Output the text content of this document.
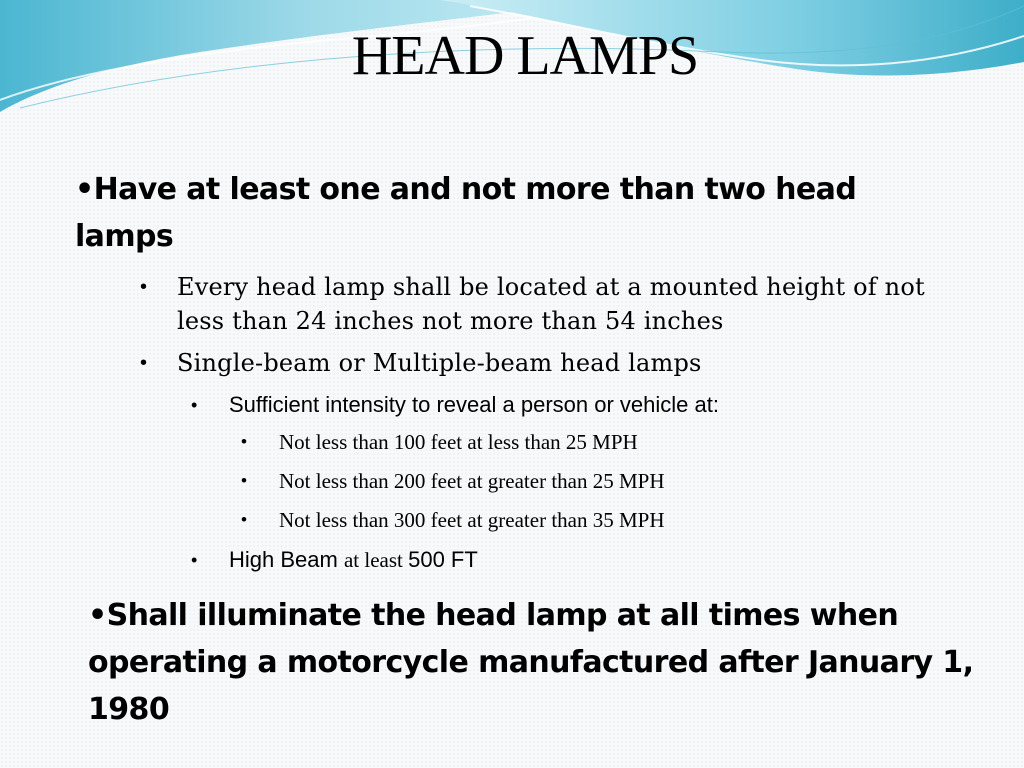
HEAD LAMPS
•Have at least one and not more than two head lamps
• Every head lamp shall be located at a mounted height of not less than 24 inches not more than 54 inches
• Single-beam or Multiple-beam head lamps
• Sufficient intensity to reveal a person or vehicle at:
• Not less than 100 feet at less than 25 MPH
• Not less than 200 feet at greater than 25 MPH
• Not less than 300 feet at greater than 35 MPH
• High Beam at least 500 FT
•Shall illuminate the head lamp at all times when operating a motorcycle manufactured after January 1, 1980
